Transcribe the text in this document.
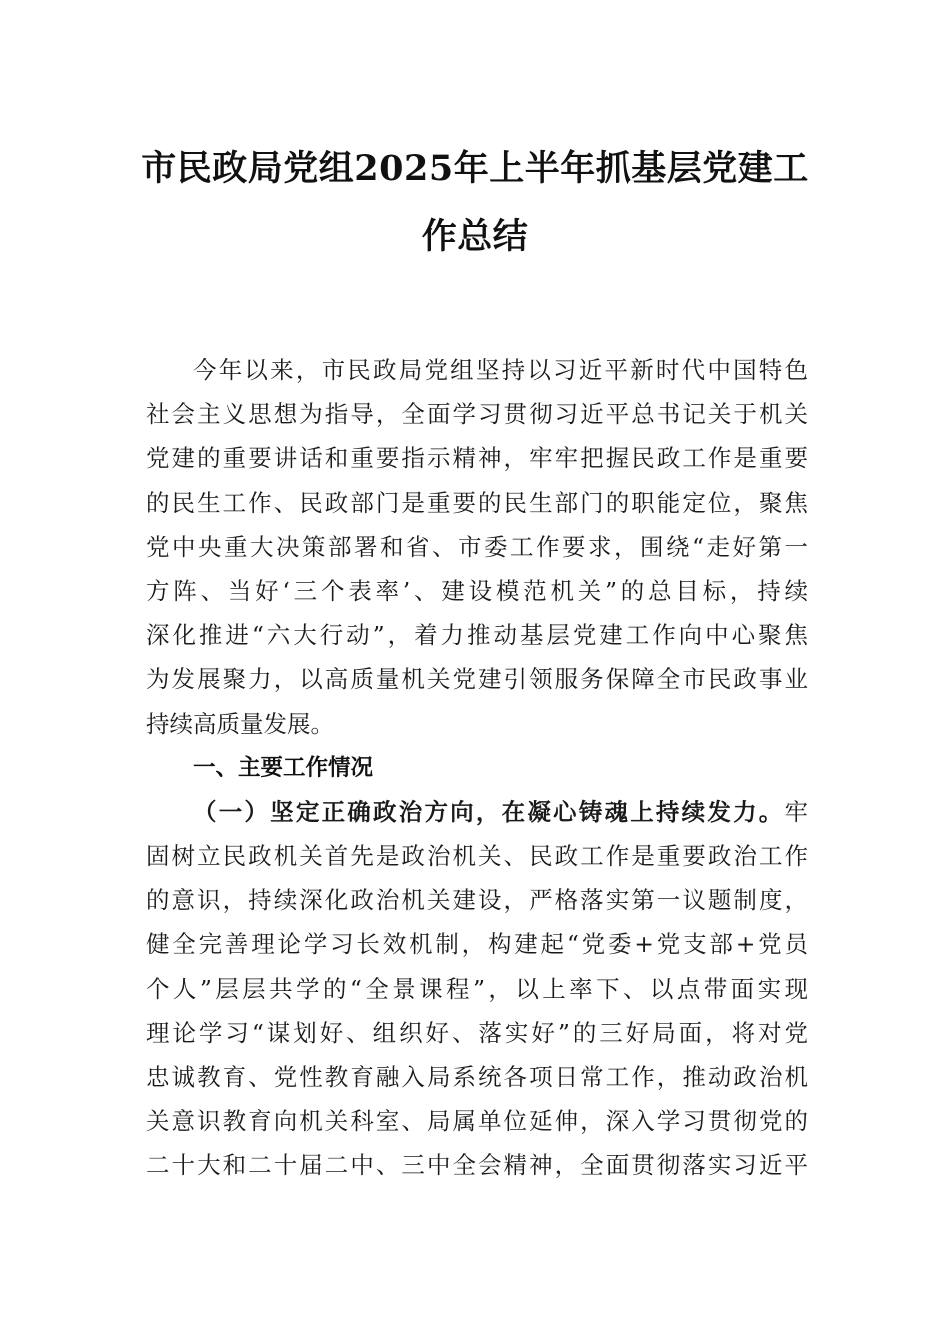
市民政局党组2025年上半年抓基层党建工
作总结
今年以来，市民政局党组坚持以习近平新时代中国特色
社会主义思想为指导，全面学习贯彻习近平总书记关于机关
党建的重要讲话和重要指示精神，牢牢把握民政工作是重要
的民生工作、民政部门是重要的民生部门的职能定位，聚焦
党中央重大决策部署和省、市委工作要求，围绕“走好第一
方阵、当好‘三个表率’、建设模范机关”的总目标，持续
深化推进“六大行动”，着力推动基层党建工作向中心聚焦
为发展聚力，以高质量机关党建引领服务保障全市民政事业
持续高质量发展。
一、主要工作情况
（一）坚定正确政治方向，在凝心铸魂上持续发力。牢
固树立民政机关首先是政治机关、民政工作是重要政治工作
的意识，持续深化政治机关建设，严格落实第一议题制度，
健全完善理论学习长效机制，构建起“党委+党支部+党员
个人”层层共学的“全景课程”，以上率下、以点带面实现
理论学习“谋划好、组织好、落实好”的三好局面，将对党
忠诚教育、党性教育融入局系统各项日常工作，推动政治机
关意识教育向机关科室、局属单位延伸，深入学习贯彻党的
二十大和二十届二中、三中全会精神，全面贯彻落实习近平
